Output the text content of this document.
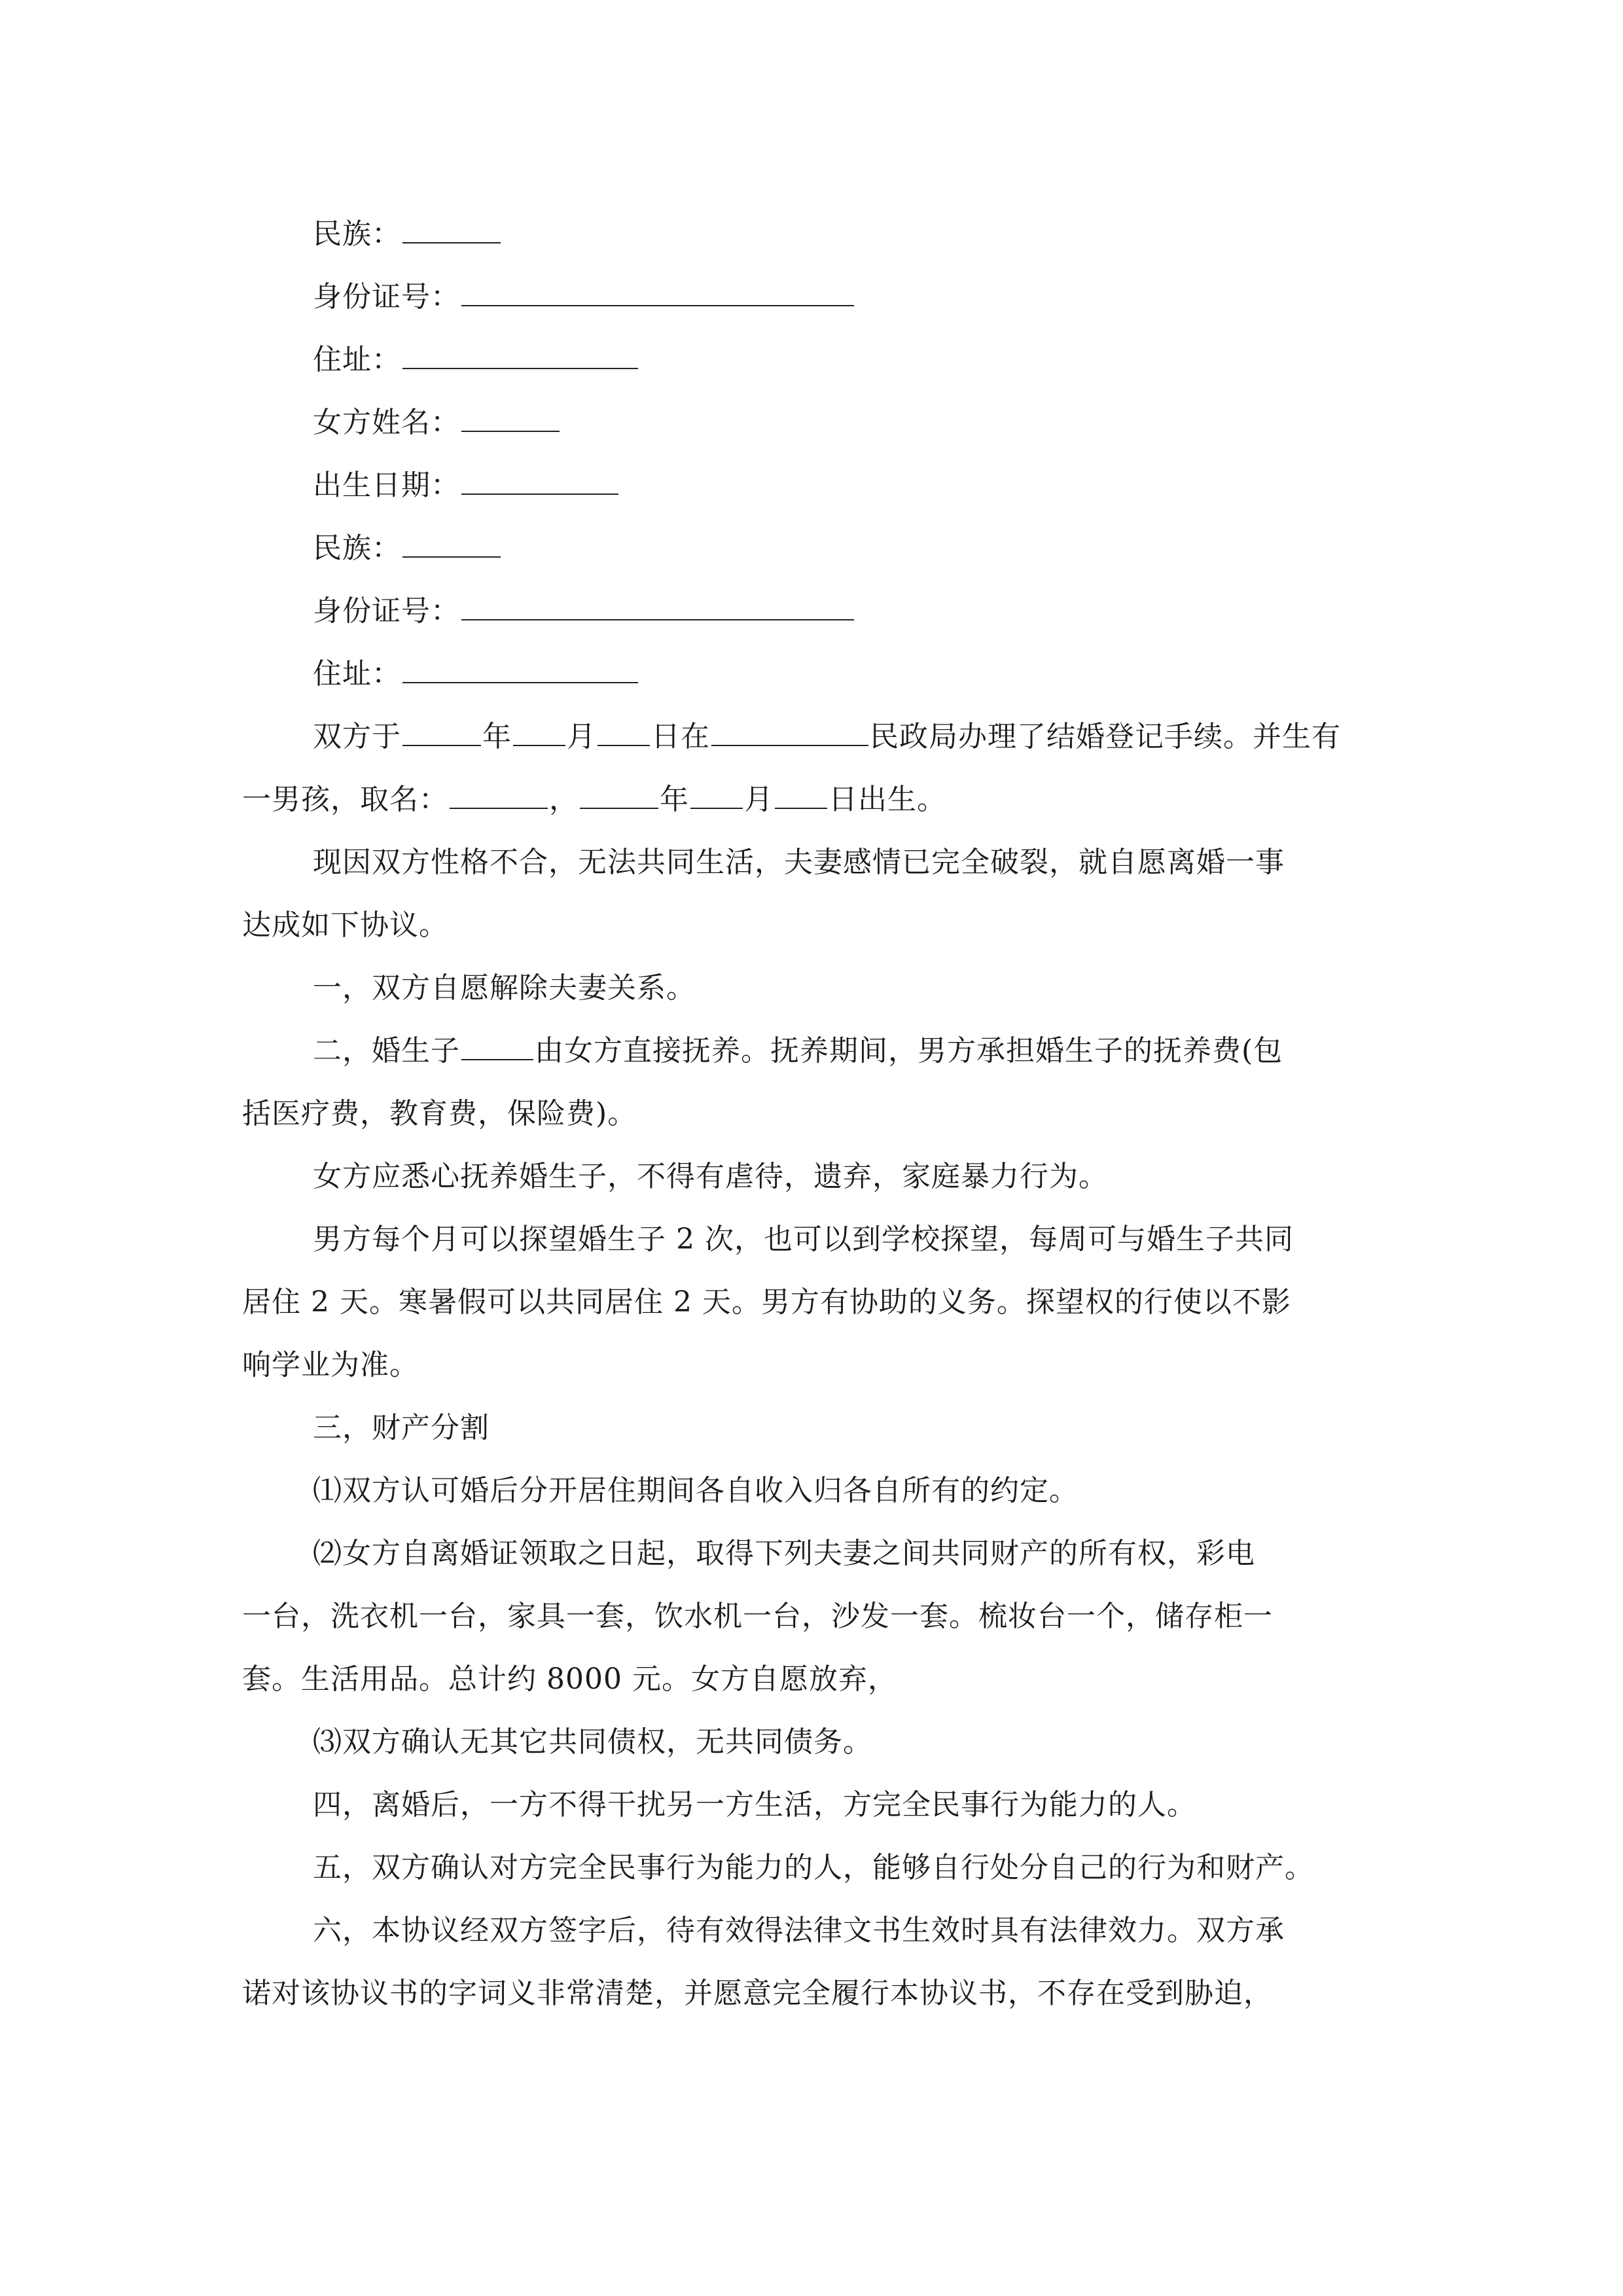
民族：
身份证号：
住址：
女方姓名：
出生日期：
民族：
身份证号：
住址：
双方于	年 月 日在	民政局办理了结婚登记手续。并生有
一男孩，取名：	，	年 月 日出生。
现因双方性格不合，无法共同生活，夫妻感情已完全破裂，就自愿离婚一事
达成如下协议。
一，双方自愿解除夫妻关系。
二，婚生子	由女方直接抚养。抚养期间，男方承担婚生子的抚养费(包
括医疗费，教育费，保险费)。
女方应悉心抚养婚生子，不得有虐待，遗弃，家庭暴力行为。
男方每个月可以探望婚生子 2 次，也可以到学校探望，每周可与婚生子共同
居住 2 天。寒暑假可以共同居住 2 天。男方有协助的义务。探望权的行使以不影
响学业为准。
三，财产分割
⑴双方认可婚后分开居住期间各自收入归各自所有的约定。
⑵女方自离婚证领取之日起，取得下列夫妻之间共同财产的所有权，彩电
一台，洗衣机一台，家具一套，饮水机一台，沙发一套。梳妆台一个，储存柜一
套。生活用品。总计约 8000 元。女方自愿放弃，
⑶双方确认无其它共同债权，无共同债务。
四，离婚后，一方不得干扰另一方生活，方完全民事行为能力的人。
五，双方确认对方完全民事行为能力的人，能够自行处分自己的行为和财产。
六，本协议经双方签字后，待有效得法律文书生效时具有法律效力。双方承
诺对该协议书的字词义非常清楚，并愿意完全履行本协议书，不存在受到胁迫，
